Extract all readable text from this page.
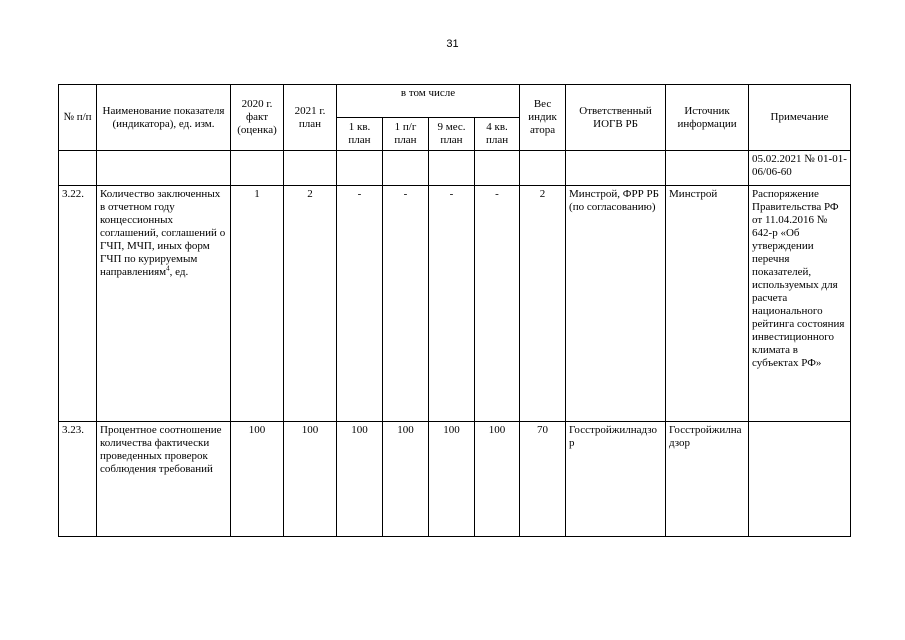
31
№ п/п	Наименование показателя (индикатора), ед. изм.	2020 г. факт (оценка)	2021 г. план	в том числе				Вес индик атора	Ответственный ИОГВ РБ	Источник информации	Примечание
				1 кв. план	1 п/г план	9 мес. план	4 кв. план				
											05.02.2021 № 01-01-06/06-60
3.22.	Количество заключенных в отчетном году концессионных соглашений, соглашений о ГЧП, МЧП, иных форм ГЧП по курируемым направлениям$^4$, ед.	1	2	-	-	-	-	2	Минстрой, ФРР РБ (по согласованию)	Минстрой	Распоряжение Правительства РФ от 11.04.2016 № 642-р «Об утверждении перечня показателей, используемых для расчета национального рейтинга состояния инвестиционного климата в субъектах РФ»
3.23.	Процентное соотношение количества фактически проведенных проверок соблюдения требований	100	100	100	100	100	100	70	Госстройжилнадзор	Госстройжилнадзор	
